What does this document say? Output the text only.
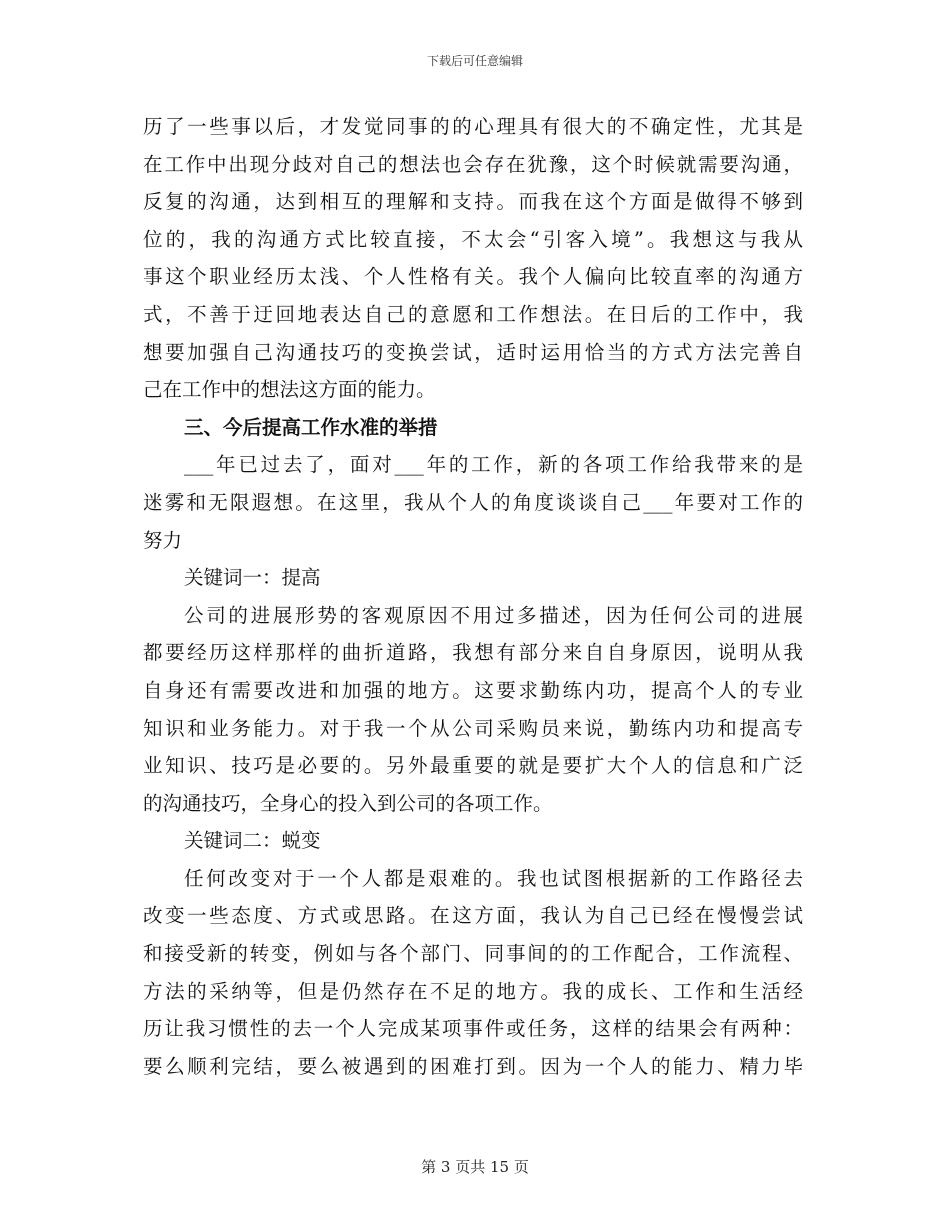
下载后可任意编辑
历了一些事以后，才发觉同事的的心理具有很大的不确定性，尤其是
在工作中出现分歧对自己的想法也会存在犹豫，这个时候就需要沟通，
反复的沟通，达到相互的理解和支持。而我在这个方面是做得不够到
位的，我的沟通方式比较直接，不太会“引客入境”。我想这与我从
事这个职业经历太浅、个人性格有关。我个人偏向比较直率的沟通方
式，不善于迂回地表达自己的意愿和工作想法。在日后的工作中，我
想要加强自己沟通技巧的变换尝试，适时运用恰当的方式方法完善自
己在工作中的想法这方面的能力。
三、今后提高工作水准的举措
___年已过去了，面对___年的工作，新的各项工作给我带来的是
迷雾和无限遐想。在这里，我从个人的角度谈谈自己___年要对工作的
努力
关键词一：提高
公司的进展形势的客观原因不用过多描述，因为任何公司的进展
都要经历这样那样的曲折道路，我想有部分来自自身原因，说明从我
自身还有需要改进和加强的地方。这要求勤练内功，提高个人的专业
知识和业务能力。对于我一个从公司采购员来说，勤练内功和提高专
业知识、技巧是必要的。另外最重要的就是要扩大个人的信息和广泛
的沟通技巧，全身心的投入到公司的各项工作。
关键词二：蜕变
任何改变对于一个人都是艰难的。我也试图根据新的工作路径去
改变一些态度、方式或思路。在这方面，我认为自己已经在慢慢尝试
和接受新的转变，例如与各个部门、同事间的的工作配合，工作流程、
方法的采纳等，但是仍然存在不足的地方。我的成长、工作和生活经
历让我习惯性的去一个人完成某项事件或任务，这样的结果会有两种：
要么顺利完结，要么被遇到的困难打到。因为一个人的能力、精力毕
第 3 页共 15 页
